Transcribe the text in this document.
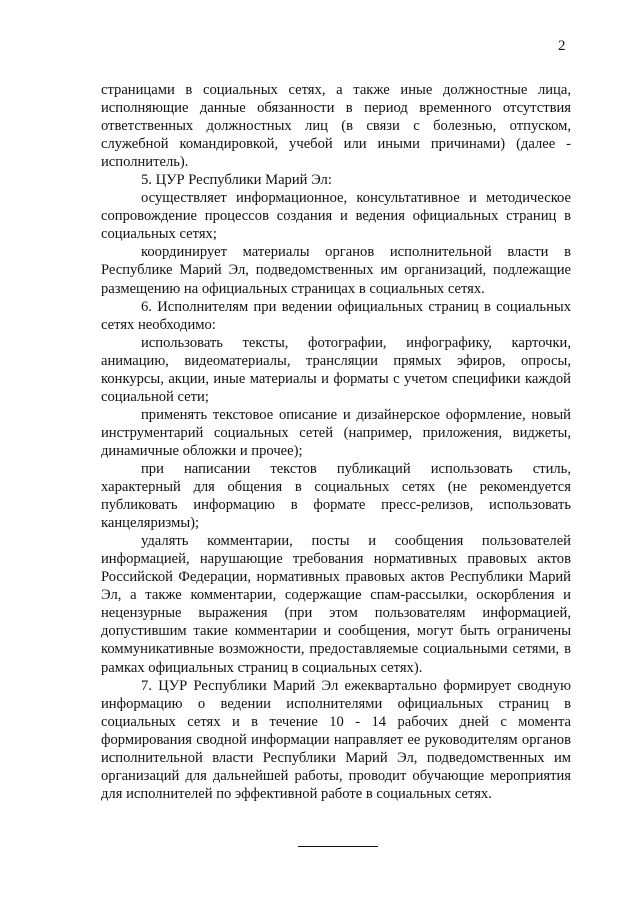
2

страницами в социальных сетях, а также иные должностные лица, исполняющие данные обязанности в период временного отсутствия ответственных должностных лиц (в связи с болезнью, отпуском, служебной командировкой, учебой или иными причинами) (далее - исполнитель).

5. ЦУР Республики Марий Эл:

осуществляет информационное, консультативное и методическое сопровождение процессов создания и ведения официальных страниц в социальных сетях;

координирует материалы органов исполнительной власти в Республике Марий Эл, подведомственных им организаций, подлежащие размещению на официальных страницах в социальных сетях.

6. Исполнителям при ведении официальных страниц в социальных сетях необходимо:

использовать тексты, фотографии, инфографику, карточки, анимацию, видеоматериалы, трансляции прямых эфиров, опросы, конкурсы, акции, иные материалы и форматы с учетом специфики каждой социальной сети;

применять текстовое описание и дизайнерское оформление, новый инструментарий социальных сетей (например, приложения, виджеты, динамичные обложки и прочее);

при написании текстов публикаций использовать стиль, характерный для общения в социальных сетях (не рекомендуется публиковать информацию в формате пресс-релизов, использовать канцеляризмы);

удалять комментарии, посты и сообщения пользователей информацией, нарушающие требования нормативных правовых актов Российской Федерации, нормативных правовых актов Республики Марий Эл, а также комментарии, содержащие спам-рассылки, оскорбления и нецензурные выражения (при этом пользователям информацией, допустившим такие комментарии и сообщения, могут быть ограничены коммуникативные возможности, предоставляемые социальными сетями, в рамках официальных страниц в социальных сетях).

7. ЦУР Республики Марий Эл ежеквартально формирует сводную информацию о ведении исполнителями официальных страниц в социальных сетях и в течение 10 - 14 рабочих дней с момента формирования сводной информации направляет ее руководителям органов исполнительной власти Республики Марий Эл, подведомственных им организаций для дальнейшей работы, проводит обучающие мероприятия для исполнителей по эффективной работе в социальных сетях.
